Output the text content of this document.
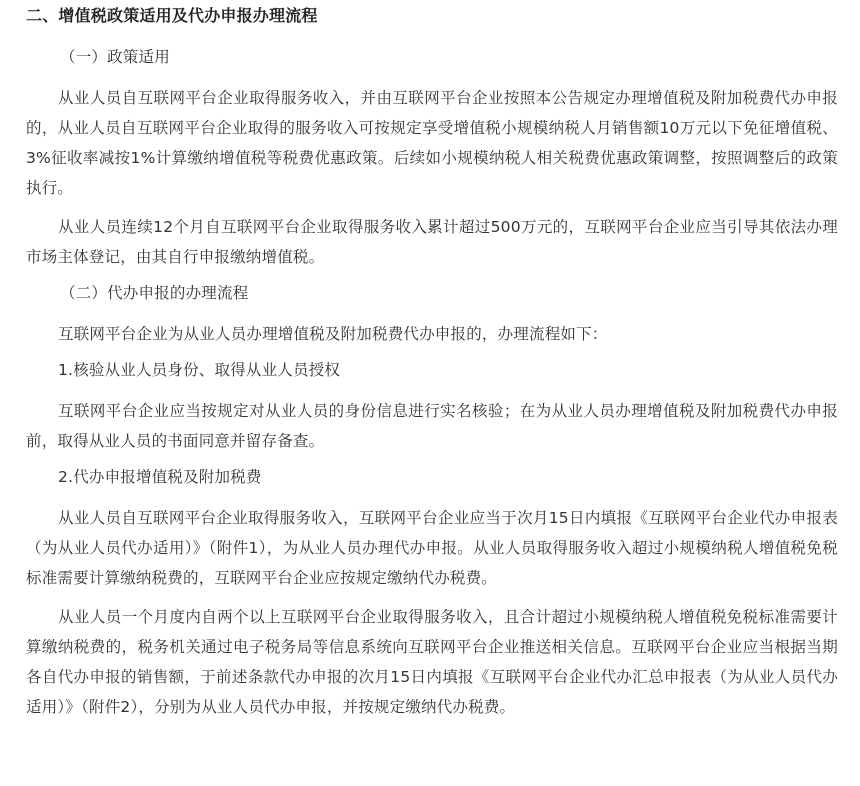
二、增值税政策适用及代办申报办理流程
（一）政策适用

从业人员自互联网平台企业取得服务收入，并由互联网平台企业按照本公告规定办理增值税及附加税费代办申报的，从业人员自互联网平台企业取得的服务收入可按规定享受增值税小规模纳税人月销售额10万元以下免征增值税、3%征收率减按1%计算缴纳增值税等税费优惠政策。后续如小规模纳税人相关税费优惠政策调整，按照调整后的政策执行。

从业人员连续12个月自互联网平台企业取得服务收入累计超过500万元的，互联网平台企业应当引导其依法办理市场主体登记，由其自行申报缴纳增值税。

（二）代办申报的办理流程

互联网平台企业为从业人员办理增值税及附加税费代办申报的，办理流程如下：

1.核验从业人员身份、取得从业人员授权

互联网平台企业应当按规定对从业人员的身份信息进行实名核验；在为从业人员办理增值税及附加税费代办申报前，取得从业人员的书面同意并留存备查。

2.代办申报增值税及附加税费

从业人员自互联网平台企业取得服务收入，互联网平台企业应当于次月15日内填报《互联网平台企业代办申报表（为从业人员代办适用）》（附件1），为从业人员办理代办申报。从业人员取得服务收入超过小规模纳税人增值税免税标准需要计算缴纳税费的，互联网平台企业应按规定缴纳代办税费。

从业人员一个月度内自两个以上互联网平台企业取得服务收入，且合计超过小规模纳税人增值税免税标准需要计算缴纳税费的，税务机关通过电子税务局等信息系统向互联网平台企业推送相关信息。互联网平台企业应当根据当期各自代办申报的销售额，于前述条款代办申报的次月15日内填报《互联网平台企业代办汇总申报表（为从业人员代办适用）》（附件2），分别为从业人员代办申报，并按规定缴纳代办税费。
